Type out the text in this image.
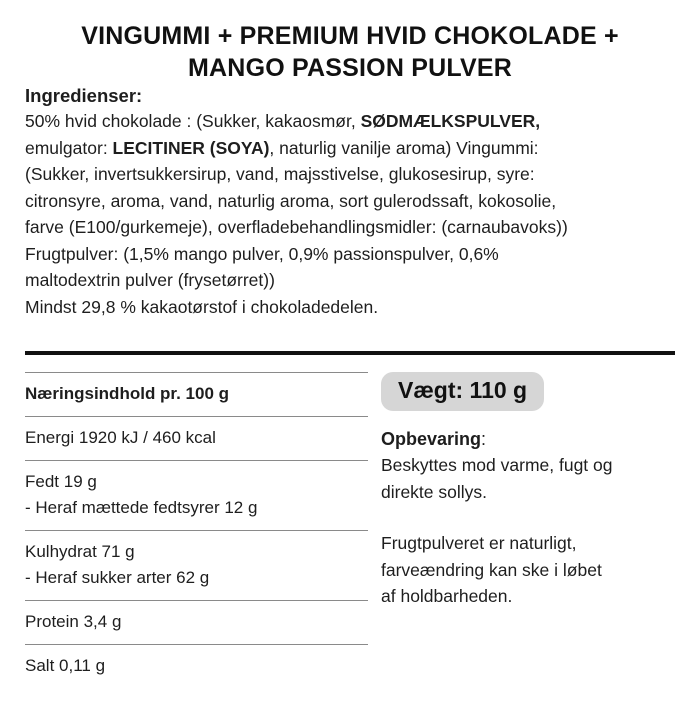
VINGUMMI + PREMIUM HVID CHOKOLADE +
MANGO PASSION PULVER
Ingredienser:
50% hvid chokolade : (Sukker, kakaosmør, SØDMÆLKSPULVER,
emulgator: LECITINER (SOYA), naturlig vanilje aroma) Vingummi:
(Sukker, invertsukkersirup, vand, majsstivelse, glukosesirup, syre:
citronsyre, aroma, vand, naturlig aroma, sort gulerodssaft, kokosolie,
farve (E100/gurkemeje), overfladebehandlingsmidler: (carnaubavoks))
Frugtpulver: (1,5% mango pulver, 0,9% passionspulver, 0,6%
maltodextrin pulver (frysetørret))
Mindst 29,8 % kakaotørstof i chokoladedelen.
Næringsindhold pr. 100 g
Energi 1920 kJ / 460 kcal
Fedt 19 g
- Heraf mættede fedtsyrer 12 g
Kulhydrat 71 g
- Heraf sukker arter 62 g
Protein 3,4 g
Salt 0,11 g
Vægt: 110 g
Opbevaring:
Beskyttes mod varme, fugt og
direkte sollys.
Frugtpulveret er naturligt,
farveændring kan ske i løbet
af holdbarheden.
